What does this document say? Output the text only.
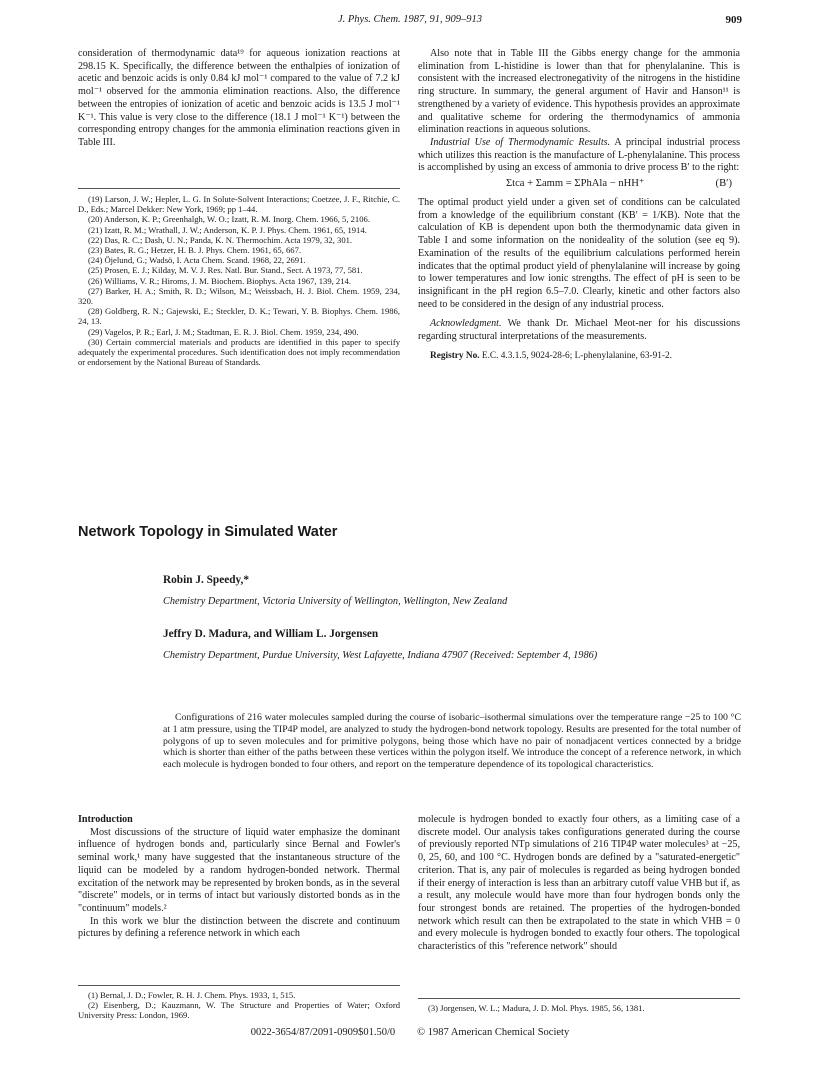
J. Phys. Chem. 1987, 91, 909–913	909

consideration of thermodynamic data¹⁹ for aqueous ionization reactions at 298.15 K. Specifically, the difference between the enthalpies of ionization of acetic and benzoic acids is only 0.84 kJ mol⁻¹ compared to the value of 7.2 kJ mol⁻¹ observed for the ammonia elimination reactions. Also, the difference between the entropies of ionization of acetic and benzoic acids is 13.5 J mol⁻¹ K⁻¹. This value is very close to the difference (18.1 J mol⁻¹ K⁻¹) between the corresponding entropy changes for the ammonia elimination reactions given in Table III.

(19) Larson, J. W.; Hepler, L. G. In Solute-Solvent Interactions; Coetzee, J. F., Ritchie, C. D., Eds.; Marcel Dekker: New York, 1969; pp 1–44.
(20) Anderson, K. P.; Greenhalgh, W. O.; Izatt, R. M. Inorg. Chem. 1966, 5, 2106.
(21) Izatt, R. M.; Wrathall, J. W.; Anderson, K. P. J. Phys. Chem. 1961, 65, 1914.
(22) Das, R. C.; Dash, U. N.; Panda, K. N. Thermochim. Acta 1979, 32, 301.
(23) Bates, R. G.; Hetzer, H. B. J. Phys. Chem. 1961, 65, 667.
(24) Öjelund, G.; Wadsö, I. Acta Chem. Scand. 1968, 22, 2691.
(25) Prosen, E. J.; Kilday, M. V. J. Res. Natl. Bur. Stand., Sect. A 1973, 77, 581.
(26) Williams, V. R.; Hiroms, J. M. Biochem. Biophys. Acta 1967, 139, 214.
(27) Barker, H. A.; Smith, R. D.; Wilson, M.; Weissbach, H. J. Biol. Chem. 1959, 234, 320.
(28) Goldberg, R. N.; Gajewski, E.; Steckler, D. K.; Tewari, Y. B. Biophys. Chem. 1986, 24, 13.
(29) Vagelos, P. R.; Earl, J. M.; Stadtman, E. R. J. Biol. Chem. 1959, 234, 490.
(30) Certain commercial materials and products are identified in this paper to specify adequately the experimental procedures. Such identification does not imply recommendation or endorsement by the National Bureau of Standards.

Also note that in Table III the Gibbs energy change for the ammonia elimination from L-histidine is lower than that for phenylalanine. This is consistent with the increased electronegativity of the nitrogens in the histidine ring structure. In summary, the general argument of Havir and Hanson¹¹ is strengthened by a variety of evidence. This hypothesis provides an approximate and qualitative scheme for ordering the thermodynamics of ammonia elimination reactions in aqueous solutions.

Industrial Use of Thermodynamic Results. A principal industrial process which utilizes this reaction is the manufacture of L-phenylalanine. This process is accomplished by using an excess of ammonia to drive process B′ to the right:

Σtca + Σamm = ΣPhAla − nHH⁺	(B′)

The optimal product yield under a given set of conditions can be calculated from a knowledge of the equilibrium constant (KB′ = 1/KB). Note that the calculation of KB is dependent upon both the thermodynamic data given in Table I and some information on the nonideality of the solution (see eq 9). Examination of the results of the equilibrium calculations performed herein indicates that the optimal product yield of phenylalanine will increase by going to lower temperatures and low ionic strengths. The effect of pH is seen to be insignificant in the pH region 6.5–7.0. Clearly, kinetic and other factors also need to be considered in the design of any industrial process.

Acknowledgment. We thank Dr. Michael Meot-ner for his discussions regarding structural interpretations of the measurements.

Registry No. E.C. 4.3.1.5, 9024-28-6; L-phenylalanine, 63-91-2.

Network Topology in Simulated Water
Robin J. Speedy,*
Chemistry Department, Victoria University of Wellington, Wellington, New Zealand
Jeffry D. Madura, and William L. Jorgensen
Chemistry Department, Purdue University, West Lafayette, Indiana 47907 (Received: September 4, 1986)
Configurations of 216 water molecules sampled during the course of isobaric–isothermal simulations over the temperature range −25 to 100 °C at 1 atm pressure, using the TIP4P model, are analyzed to study the hydrogen-bond network topology. Results are presented for the total number of polygons of up to seven molecules and for primitive polygons, being those which have no pair of nonadjacent vertices connected by a bridge which is shorter than either of the paths between these vertices within the polygon itself. We introduce the concept of a reference network, in which each molecule is hydrogen bonded to four others, and report on the temperature dependence of its topological characteristics.

Introduction

Most discussions of the structure of liquid water emphasize the dominant influence of hydrogen bonds and, particularly since Bernal and Fowler's seminal work,¹ many have suggested that the instantaneous structure of the liquid can be modeled by a random hydrogen-bonded network. Thermal excitation of the network may be represented by broken bonds, as in the several "discrete" models, or in terms of intact but variously distorted bonds as in the "continuum" models.²

In this work we blur the distinction between the discrete and continuum pictures by defining a reference network in which each

(1) Bernal, J. D.; Fowler, R. H. J. Chem. Phys. 1933, 1, 515.
(2) Eisenberg, D.; Kauzmann, W. The Structure and Properties of Water; Oxford University Press: London, 1969.

molecule is hydrogen bonded to exactly four others, as a limiting case of a discrete model. Our analysis takes configurations generated during the course of previously reported NTp simulations of 216 TIP4P water molecules³ at −25, 0, 25, 60, and 100 °C. Hydrogen bonds are defined by a "saturated-energetic" criterion. That is, any pair of molecules is regarded as being hydrogen bonded if their energy of interaction is less than an arbitrary cutoff value VHB but if, as a result, any molecule would have more than four hydrogen bonds only the four strongest bonds are retained. The properties of the hydrogen-bonded network which result can then be extrapolated to the state in which VHB = 0 and every molecule is hydrogen bonded to exactly four others. The topological characteristics of this "reference network" should

(3) Jorgensen, W. L.; Madura, J. D. Mol. Phys. 1985, 56, 1381.
0022-3654/87/2091-0909$01.50/0 © 1987 American Chemical Society
